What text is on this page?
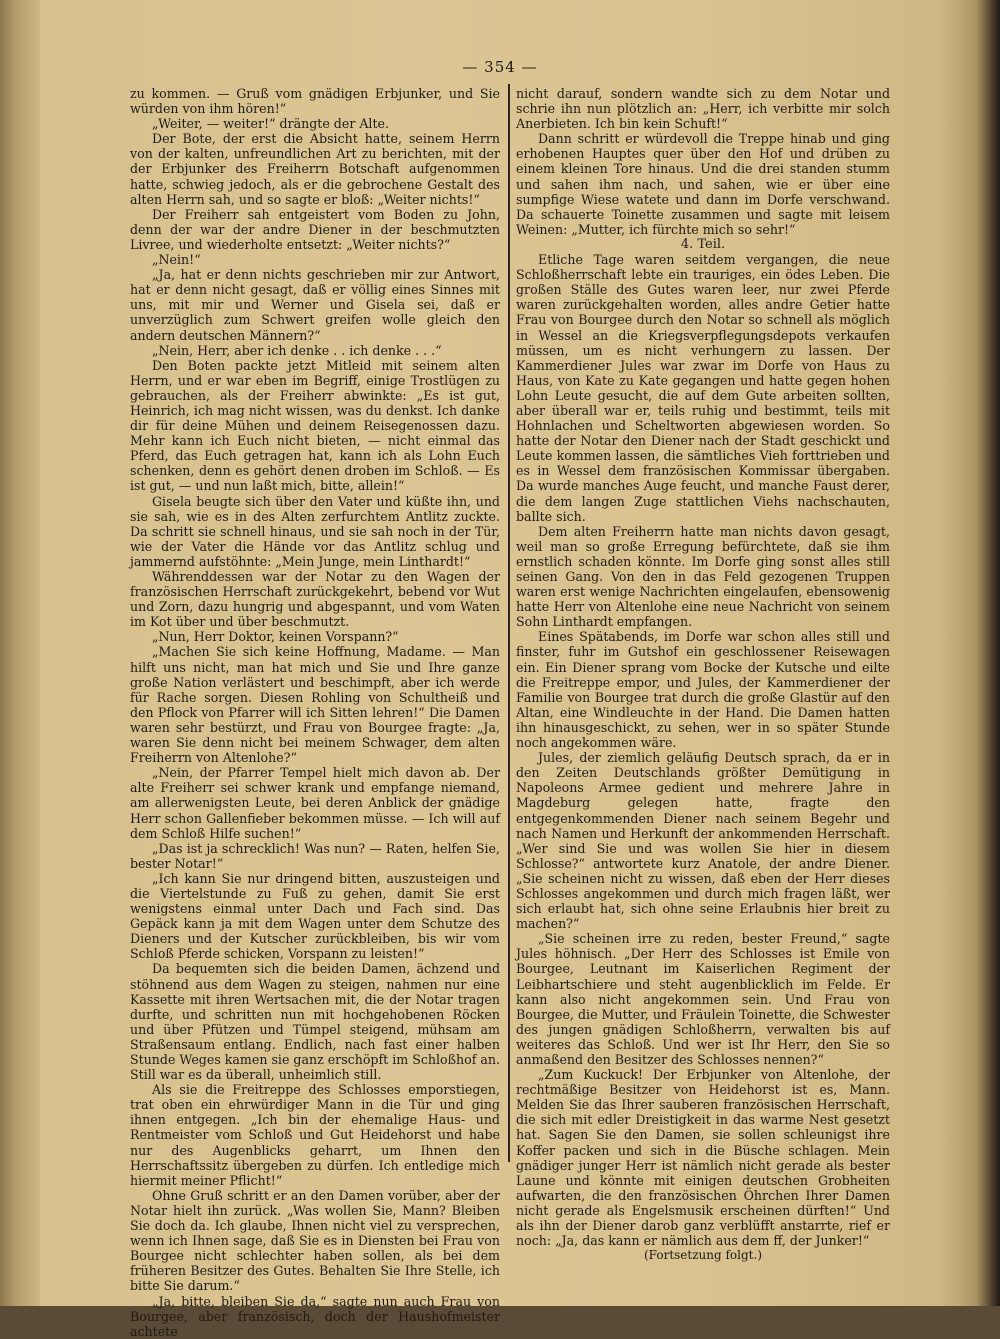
— 354 —

zu kommen. — Gruß vom gnädigen Erbjunker, und Sie würden von ihm hören!“

„Weiter, — weiter!“ drängte der Alte.

Der Bote, der erst die Absicht hatte, seinem Herrn von der kalten, unfreundlichen Art zu berichten, mit der der Erbjunker des Freiherrn Botschaft aufgenommen hatte, schwieg jedoch, als er die gebrochene Gestalt des alten Herrn sah, und so sagte er bloß: „Weiter nichts!“

Der Freiherr sah entgeistert vom Boden zu John, denn der war der andre Diener in der beschmutzten Livree, und wiederholte entsetzt: „Weiter nichts?“

„Nein!“

„Ja, hat er denn nichts geschrieben mir zur Antwort, hat er denn nicht gesagt, daß er völlig eines Sinnes mit uns, mit mir und Werner und Gisela sei, daß er unverzüglich zum Schwert greifen wolle gleich den andern deutschen Männern?“

„Nein, Herr, aber ich denke . . ich denke . . .“

Den Boten packte jetzt Mitleid mit seinem alten Herrn, und er war eben im Begriff, einige Trostlügen zu gebrauchen, als der Freiherr abwinkte: „Es ist gut, Heinrich, ich mag nicht wissen, was du denkst. Ich danke dir für deine Mühen und deinem Reisegenossen dazu. Mehr kann ich Euch nicht bieten, — nicht einmal das Pferd, das Euch getragen hat, kann ich als Lohn Euch schenken, denn es gehört denen droben im Schloß. — Es ist gut, — und nun laßt mich, bitte, allein!“

Gisela beugte sich über den Vater und küßte ihn, und sie sah, wie es in des Alten zerfurchtem Antlitz zuckte. Da schritt sie schnell hinaus, und sie sah noch in der Tür, wie der Vater die Hände vor das Antlitz schlug und jammernd aufstöhnte: „Mein Junge, mein Linthardt!“

Währenddessen war der Notar zu den Wagen der französischen Herrschaft zurückgekehrt, bebend vor Wut und Zorn, dazu hungrig und abgespannt, und vom Waten im Kot über und über beschmutzt.

„Nun, Herr Doktor, keinen Vorspann?“

„Machen Sie sich keine Hoffnung, Madame. — Man hilft uns nicht, man hat mich und Sie und Ihre ganze große Nation verlästert und beschimpft, aber ich werde für Rache sorgen. Diesen Rohling von Schultheiß und den Pflock von Pfarrer will ich Sitten lehren!“ Die Damen waren sehr bestürzt, und Frau von Bourgee fragte: „Ja, waren Sie denn nicht bei meinem Schwager, dem alten Freiherrn von Altenlohe?“

„Nein, der Pfarrer Tempel hielt mich davon ab. Der alte Freiherr sei schwer krank und empfange niemand, am allerwenigsten Leute, bei deren Anblick der gnädige Herr schon Gallenfieber bekommen müsse. — Ich will auf dem Schloß Hilfe suchen!“

„Das ist ja schrecklich! Was nun? — Raten, helfen Sie, bester Notar!“

„Ich kann Sie nur dringend bitten, auszusteigen und die Viertelstunde zu Fuß zu gehen, damit Sie erst wenigstens einmal unter Dach und Fach sind. Das Gepäck kann ja mit dem Wagen unter dem Schutze des Dieners und der Kutscher zurückbleiben, bis wir vom Schloß Pferde schicken, Vorspann zu leisten!“

Da bequemten sich die beiden Damen, ächzend und stöhnend aus dem Wagen zu steigen, nahmen nur eine Kassette mit ihren Wertsachen mit, die der Notar tragen durfte, und schritten nun mit hochgehobenen Röcken und über Pfützen und Tümpel steigend, mühsam am Straßensaum entlang. Endlich, nach fast einer halben Stunde Weges kamen sie ganz erschöpft im Schloßhof an. Still war es da überall, unheimlich still.

Als sie die Freitreppe des Schlosses emporstiegen, trat oben ein ehrwürdiger Mann in die Tür und ging ihnen entgegen. „Ich bin der ehemalige Haus- und Rentmeister vom Schloß und Gut Heidehorst und habe nur des Augenblicks geharrt, um Ihnen den Herrschaftssitz übergeben zu dürfen. Ich entledige mich hiermit meiner Pflicht!“

Ohne Gruß schritt er an den Damen vorüber, aber der Notar hielt ihn zurück. „Was wollen Sie, Mann? Bleiben Sie doch da. Ich glaube, Ihnen nicht viel zu versprechen, wenn ich Ihnen sage, daß Sie es in Diensten bei Frau von Bourgee nicht schlechter haben sollen, als bei dem früheren Besitzer des Gutes. Behalten Sie Ihre Stelle, ich bitte Sie darum.“

„Ja, bitte, bleiben Sie da,“ sagte nun auch Frau von Bourgee, aber französisch, doch der Haushofmeister achtete

nicht darauf, sondern wandte sich zu dem Notar und schrie ihn nun plötzlich an: „Herr, ich verbitte mir solch Anerbieten. Ich bin kein Schuft!“

Dann schritt er würdevoll die Treppe hinab und ging erhobenen Hauptes quer über den Hof und drüben zu einem kleinen Tore hinaus. Und die drei standen stumm und sahen ihm nach, und sahen, wie er über eine sumpfige Wiese watete und dann im Dorfe verschwand. Da schauerte Toinette zusammen und sagte mit leisem Weinen: „Mutter, ich fürchte mich so sehr!“

4. Teil.

Etliche Tage waren seitdem vergangen, die neue Schloßherrschaft lebte ein trauriges, ein ödes Leben. Die großen Ställe des Gutes waren leer, nur zwei Pferde waren zurückgehalten worden, alles andre Getier hatte Frau von Bourgee durch den Notar so schnell als möglich in Wessel an die Kriegsverpflegungsdepots verkaufen müssen, um es nicht verhungern zu lassen. Der Kammerdiener Jules war zwar im Dorfe von Haus zu Haus, von Kate zu Kate gegangen und hatte gegen hohen Lohn Leute gesucht, die auf dem Gute arbeiten sollten, aber überall war er, teils ruhig und bestimmt, teils mit Hohnlachen und Scheltworten abgewiesen worden. So hatte der Notar den Diener nach der Stadt geschickt und Leute kommen lassen, die sämtliches Vieh forttrieben und es in Wessel dem französischen Kommissar übergaben. Da wurde manches Auge feucht, und manche Faust derer, die dem langen Zuge stattlichen Viehs nachschauten, ballte sich.

Dem alten Freiherrn hatte man nichts davon gesagt, weil man so große Erregung befürchtete, daß sie ihm ernstlich schaden könnte. Im Dorfe ging sonst alles still seinen Gang. Von den in das Feld gezogenen Truppen waren erst wenige Nachrichten eingelaufen, ebensowenig hatte Herr von Altenlohe eine neue Nachricht von seinem Sohn Linthardt empfangen.

Eines Spätabends, im Dorfe war schon alles still und finster, fuhr im Gutshof ein geschlossener Reisewagen ein. Ein Diener sprang vom Bocke der Kutsche und eilte die Freitreppe empor, und Jules, der Kammerdiener der Familie von Bourgee trat durch die große Glastür auf den Altan, eine Windleuchte in der Hand. Die Damen hatten ihn hinausgeschickt, zu sehen, wer in so später Stunde noch angekommen wäre.

Jules, der ziemlich geläufig Deutsch sprach, da er in den Zeiten Deutschlands größter Demütigung in Napoleons Armee gedient und mehrere Jahre in Magdeburg gelegen hatte, fragte den entgegenkommenden Diener nach seinem Begehr und nach Namen und Herkunft der ankommenden Herrschaft. „Wer sind Sie und was wollen Sie hier in diesem Schlosse?“ antwortete kurz Anatole, der andre Diener. „Sie scheinen nicht zu wissen, daß eben der Herr dieses Schlosses angekommen und durch mich fragen läßt, wer sich erlaubt hat, sich ohne seine Erlaubnis hier breit zu machen?“

„Sie scheinen irre zu reden, bester Freund,“ sagte Jules höhnisch. „Der Herr des Schlosses ist Emile von Bourgee, Leutnant im Kaiserlichen Regiment der Leibhartschiere und steht augenblicklich im Felde. Er kann also nicht angekommen sein. Und Frau von Bourgee, die Mutter, und Fräulein Toinette, die Schwester des jungen gnädigen Schloßherrn, verwalten bis auf weiteres das Schloß. Und wer ist Ihr Herr, den Sie so anmaßend den Besitzer des Schlosses nennen?“

„Zum Kuckuck! Der Erbjunker von Altenlohe, der rechtmäßige Besitzer von Heidehorst ist es, Mann. Melden Sie das Ihrer sauberen französischen Herrschaft, die sich mit edler Dreistigkeit in das warme Nest gesetzt hat. Sagen Sie den Damen, sie sollen schleunigst ihre Koffer packen und sich in die Büsche schlagen. Mein gnädiger junger Herr ist nämlich nicht gerade als bester Laune und könnte mit einigen deutschen Grobheiten aufwarten, die den französischen Öhrchen Ihrer Damen nicht gerade als Engelsmusik erscheinen dürften!“ Und als ihn der Diener darob ganz verblüfft anstarrte, rief er noch: „Ja, das kann er nämlich aus dem ff, der Junker!“

(Fortsetzung folgt.)
